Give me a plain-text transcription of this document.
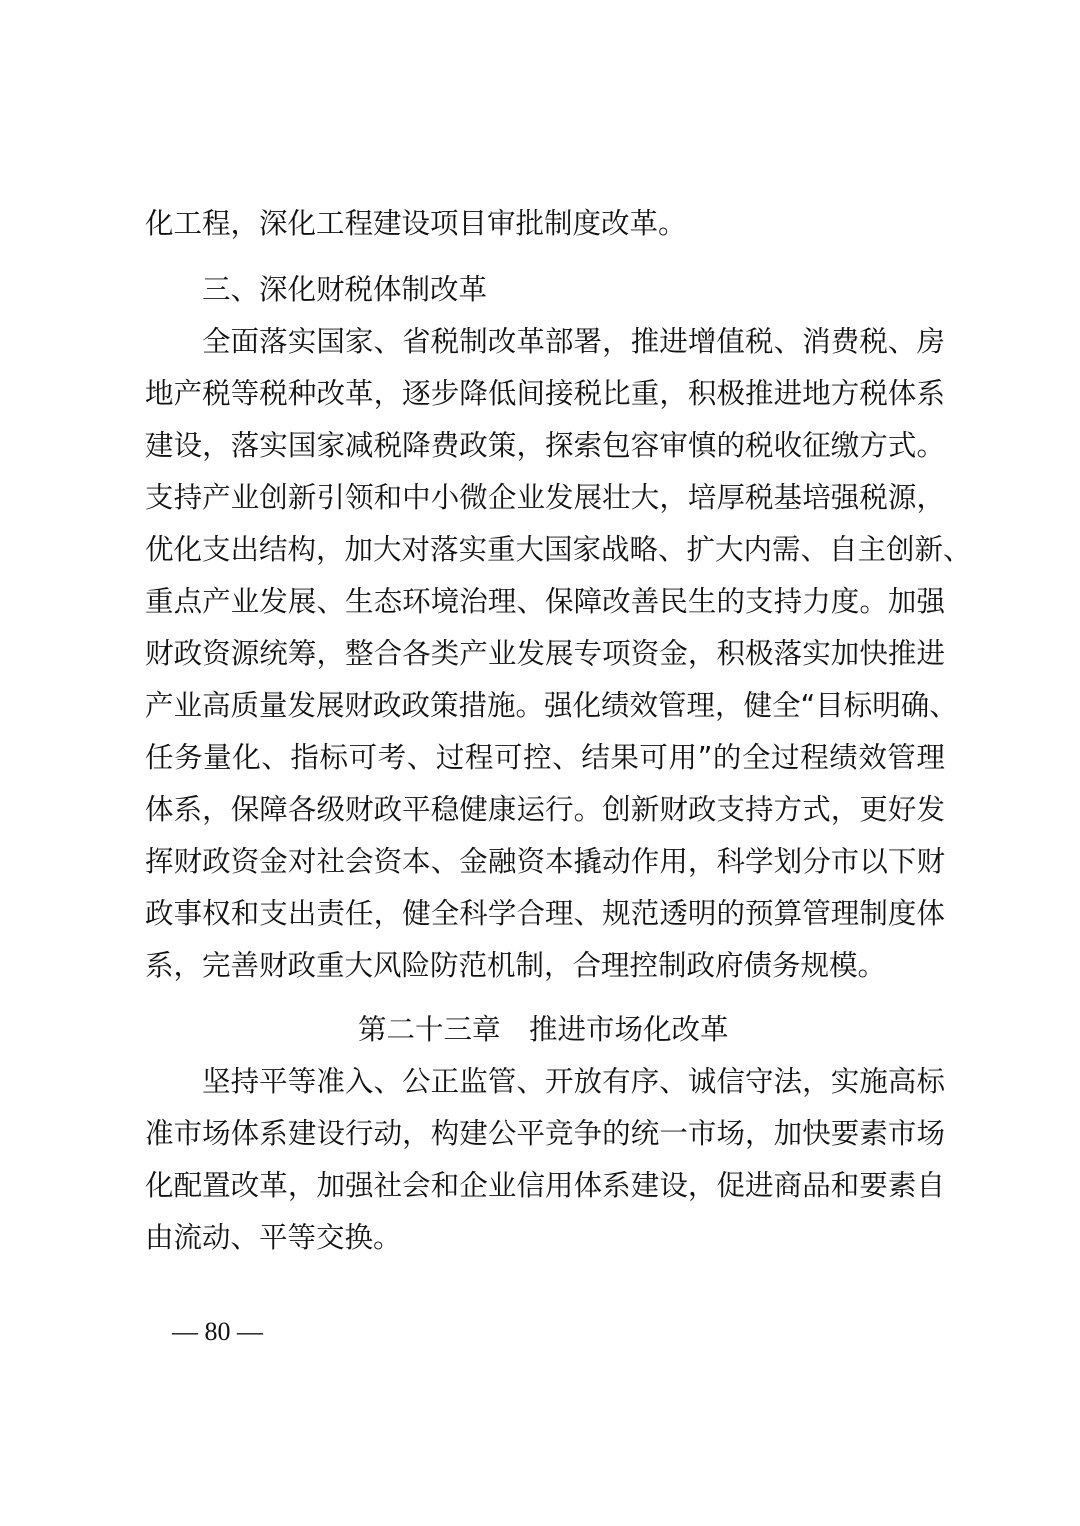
化工程，深化工程建设项目审批制度改革。
三、深化财税体制改革
全面落实国家、省税制改革部署，推进增值税、消费税、房
地产税等税种改革，逐步降低间接税比重，积极推进地方税体系
建设，落实国家减税降费政策，探索包容审慎的税收征缴方式。
支持产业创新引领和中小微企业发展壮大，培厚税基培强税源，
优化支出结构，加大对落实重大国家战略、扩大内需、自主创新、
重点产业发展、生态环境治理、保障改善民生的支持力度。加强
财政资源统筹，整合各类产业发展专项资金，积极落实加快推进
产业高质量发展财政政策措施。强化绩效管理，健全“目标明确、
任务量化、指标可考、过程可控、结果可用”的全过程绩效管理
体系，保障各级财政平稳健康运行。创新财政支持方式，更好发
挥财政资金对社会资本、金融资本撬动作用，科学划分市以下财
政事权和支出责任，健全科学合理、规范透明的预算管理制度体
系，完善财政重大风险防范机制，合理控制政府债务规模。
第二十三章　推进市场化改革
坚持平等准入、公正监管、开放有序、诚信守法，实施高标
准市场体系建设行动，构建公平竞争的统一市场，加快要素市场
化配置改革，加强社会和企业信用体系建设，促进商品和要素自
由流动、平等交换。
— 80 —
